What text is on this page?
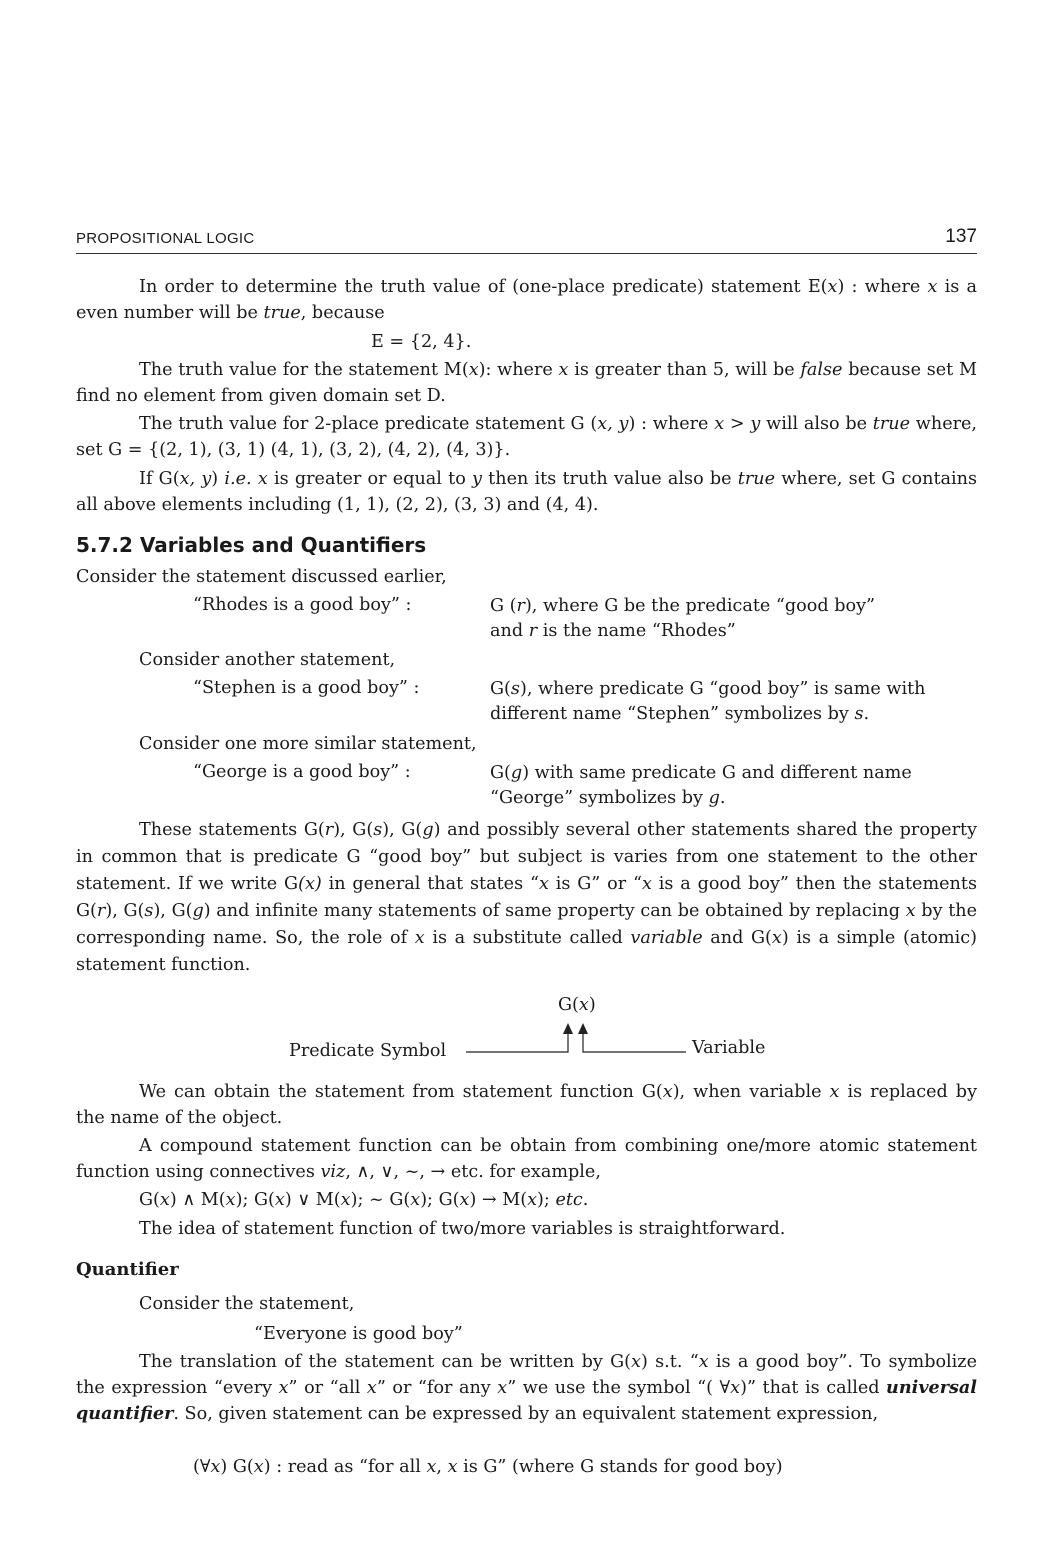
PROPOSITIONAL LOGIC	137
In order to determine the truth value of (one-place predicate) statement E(x) : where x is a even number will be true, because
E = {2, 4}.
The truth value for the statement M(x): where x is greater than 5, will be false because set M find no element from given domain set D.
The truth value for 2-place predicate statement G (x, y) : where x > y will also be true where, set G = {(2, 1), (3, 1) (4, 1), (3, 2), (4, 2), (4, 3)}.
If G(x, y) i.e. x is greater or equal to y then its truth value also be true where, set G contains all above elements including (1, 1), (2, 2), (3, 3) and (4, 4).
5.7.2 Variables and Quantifiers
Consider the statement discussed earlier,
“Rhodes is a good boy” :	G (r), where G be the predicate “good boy”
and r is the name “Rhodes”
Consider another statement,
“Stephen is a good boy” :	G(s), where predicate G “good boy” is same with
different name “Stephen” symbolizes by s.
Consider one more similar statement,
“George is a good boy” :	G(g) with same predicate G and different name
“George” symbolizes by g.
These statements G(r), G(s), G(g) and possibly several other statements shared the property in common that is predicate G “good boy” but subject is varies from one statement to the other statement. If we write G(x) in general that states “x is G” or “x is a good boy” then the statements G(r), G(s), G(g) and infinite many statements of same property can be obtained by replacing x by the corresponding name. So, the role of x is a substitute called variable and G(x) is a simple (atomic) statement function.
G(x)
Predicate Symbol	Variable
We can obtain the statement from statement function G(x), when variable x is replaced by the name of the object.
A compound statement function can be obtain from combining one/more atomic statement function using connectives viz, ∧, ∨, ~, → etc. for example,
G(x) ∧ M(x); G(x) ∨ M(x); ~ G(x); G(x) → M(x); etc.
The idea of statement function of two/more variables is straightforward.
Quantifier
Consider the statement,
“Everyone is good boy”
The translation of the statement can be written by G(x) s.t. “x is a good boy”. To symbolize the expression “every x” or “all x” or “for any x” we use the symbol “( ∀x)” that is called universal quantifier. So, given statement can be expressed by an equivalent statement expression,
(∀x) G(x) : read as “for all x, x is G” (where G stands for good boy)
